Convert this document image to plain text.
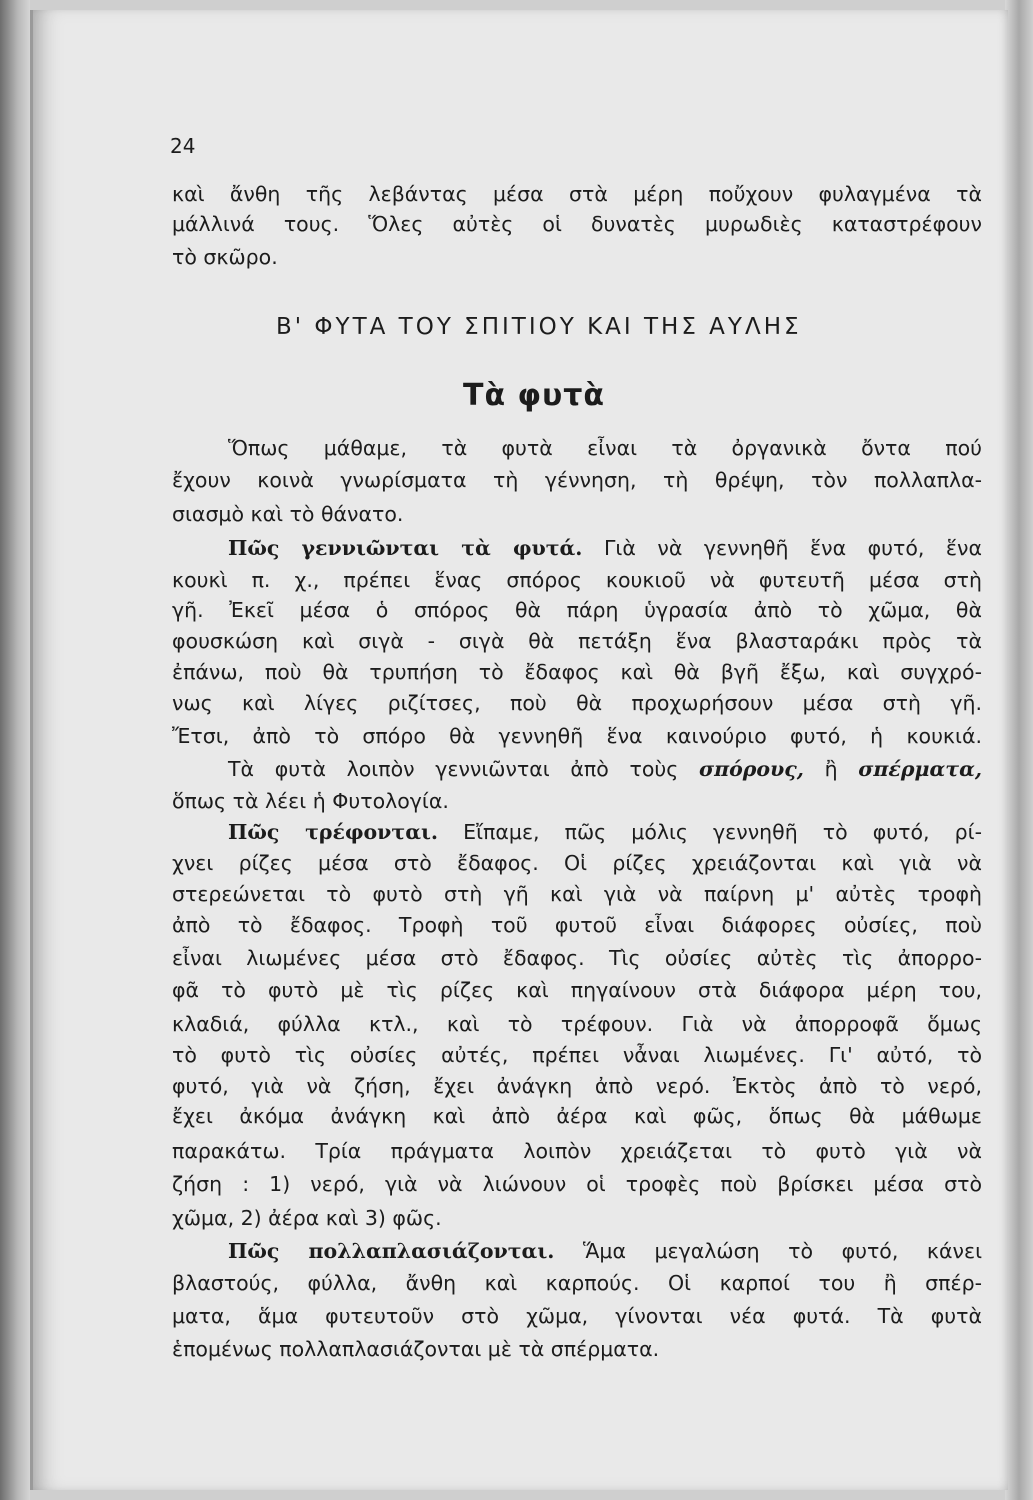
24
καὶ ἄνθη τῆς λεβάντας μέσα στὰ μέρη ποὔχουν φυλαγμένα τὰ
μάλλινά τους. Ὅλες αὐτὲς οἱ δυνατὲς μυρωδιὲς καταστρέφουν
τὸ σκῶρο.
Β' ΦΥΤΑ ΤΟΥ ΣΠΙΤΙΟΥ ΚΑΙ ΤΗΣ ΑΥΛΗΣ
Τὰ φυτὰ
Ὅπως μάθαμε, τὰ φυτὰ εἶναι τὰ ὀργανικὰ ὄντα πού
ἔχουν κοινὰ γνωρίσματα τὴ γέννηση, τὴ θρέψη, τὸν πολλαπλα-
σιασμὸ καὶ τὸ θάνατο.
Πῶς γεννιῶνται τὰ φυτά. Γιὰ νὰ γεννηθῆ ἕνα φυτό, ἕνα
κουκὶ π. χ., πρέπει ἕνας σπόρος κουκιοῦ νὰ φυτευτῆ μέσα στὴ
γῆ. Ἐκεῖ μέσα ὁ σπόρος θὰ πάρη ὑγρασία ἀπὸ τὸ χῶμα, θὰ
φουσκώση καὶ σιγὰ - σιγὰ θὰ πετάξη ἕνα βλασταράκι πρὸς τὰ
ἐπάνω, ποὺ θὰ τρυπήση τὸ ἔδαφος καὶ θὰ βγῆ ἔξω, καὶ συγχρό-
νως καὶ λίγες ριζίτσες, ποὺ θὰ προχωρήσουν μέσα στὴ γῆ.
Ἔτσι, ἀπὸ τὸ σπόρο θὰ γεννηθῆ ἕνα καινούριο φυτό, ἡ κουκιά.
Τὰ φυτὰ λοιπὸν γεννιῶνται ἀπὸ τοὺς σπόρους, ἢ σπέρματα,
ὅπως τὰ λέει ἡ Φυτολογία.
Πῶς τρέφονται. Εἴπαμε, πῶς μόλις γεννηθῆ τὸ φυτό, ρί-
χνει ρίζες μέσα στὸ ἔδαφος. Οἱ ρίζες χρειάζονται καὶ γιὰ νὰ
στερεώνεται τὸ φυτὸ στὴ γῆ καὶ γιὰ νὰ παίρνη μ' αὐτὲς τροφὴ
ἀπὸ τὸ ἔδαφος. Τροφὴ τοῦ φυτοῦ εἶναι διάφορες οὐσίες, ποὺ
εἶναι λιωμένες μέσα στὸ ἔδαφος. Τὶς οὐσίες αὐτὲς τὶς ἀπορρο-
φᾶ τὸ φυτὸ μὲ τὶς ρίζες καὶ πηγαίνουν στὰ διάφορα μέρη του,
κλαδιά, φύλλα κτλ., καὶ τὸ τρέφουν. Γιὰ νὰ ἀπορροφᾶ ὅμως
τὸ φυτὸ τὶς οὐσίες αὐτές, πρέπει νἆναι λιωμένες. Γι' αὐτό, τὸ
φυτό, γιὰ νὰ ζήση, ἔχει ἀνάγκη ἀπὸ νερό. Ἐκτὸς ἀπὸ τὸ νερό,
ἔχει ἀκόμα ἀνάγκη καὶ ἀπὸ ἀέρα καὶ φῶς, ὅπως θὰ μάθωμε
παρακάτω. Τρία πράγματα λοιπὸν χρειάζεται τὸ φυτὸ γιὰ νὰ
ζήση : 1) νερό, γιὰ νὰ λιώνουν οἱ τροφὲς ποὺ βρίσκει μέσα στὸ
χῶμα, 2) ἀέρα καὶ 3) φῶς.
Πῶς πολλαπλασιάζονται. Ἅμα μεγαλώση τὸ φυτό, κάνει
βλαστούς, φύλλα, ἄνθη καὶ καρπούς. Οἱ καρποί του ἢ σπέρ-
ματα, ἅμα φυτευτοῦν στὸ χῶμα, γίνονται νέα φυτά. Τὰ φυτὰ
ἑπομένως πολλαπλασιάζονται μὲ τὰ σπέρματα.
